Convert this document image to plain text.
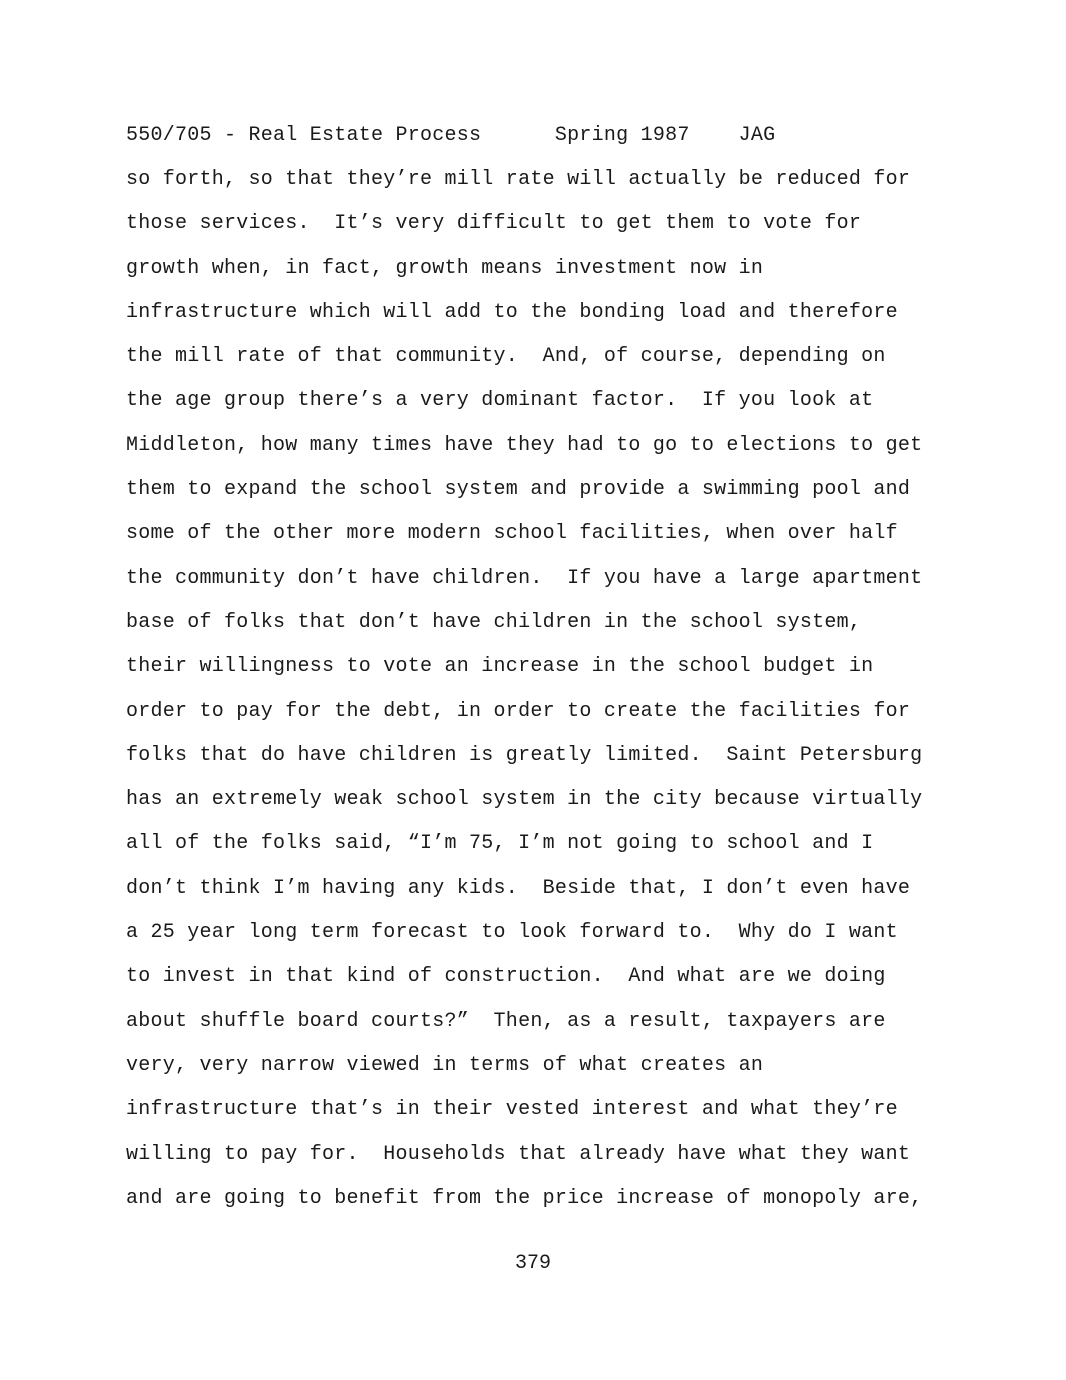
550/705 - Real Estate Process	Spring 1987 JAG
so forth, so that they’re mill rate will actually be reduced for
those services.  It’s very difficult to get them to vote for
growth when, in fact, growth means investment now in
infrastructure which will add to the bonding load and therefore
the mill rate of that community.  And, of course, depending on
the age group there’s a very dominant factor.  If you look at
Middleton, how many times have they had to go to elections to get
them to expand the school system and provide a swimming pool and
some of the other more modern school facilities, when over half
the community don’t have children.  If you have a large apartment
base of folks that don’t have children in the school system,
their willingness to vote an increase in the school budget in
order to pay for the debt, in order to create the facilities for
folks that do have children is greatly limited.  Saint Petersburg
has an extremely weak school system in the city because virtually
all of the folks said, “I’m 75, I’m not going to school and I
don’t think I’m having any kids.  Beside that, I don’t even have
a 25 year long term forecast to look forward to.  Why do I want
to invest in that kind of construction.  And what are we doing
about shuffle board courts?”  Then, as a result, taxpayers are
very, very narrow viewed in terms of what creates an
infrastructure that’s in their vested interest and what they’re
willing to pay for.  Households that already have what they want
and are going to benefit from the price increase of monopoly are,
379
